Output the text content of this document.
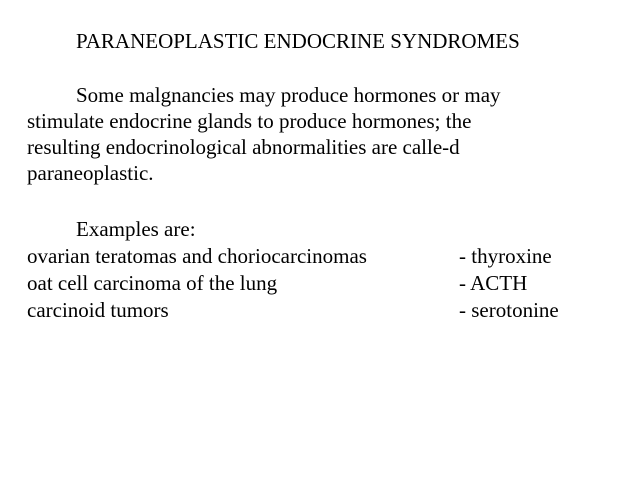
PARANEOPLASTIC ENDOCRINE SYNDROMES

Some malgnancies may produce hormones or may
stimulate endocrine glands to produce hormones; the
resulting endocrinological abnormalities are calle-d
paraneoplastic.

Examples are:

ovarian teratomas and choriocarcinomas	- thyroxine
oat cell carcinoma of the lung	- ACTH
carcinoid tumors	- serotonine
